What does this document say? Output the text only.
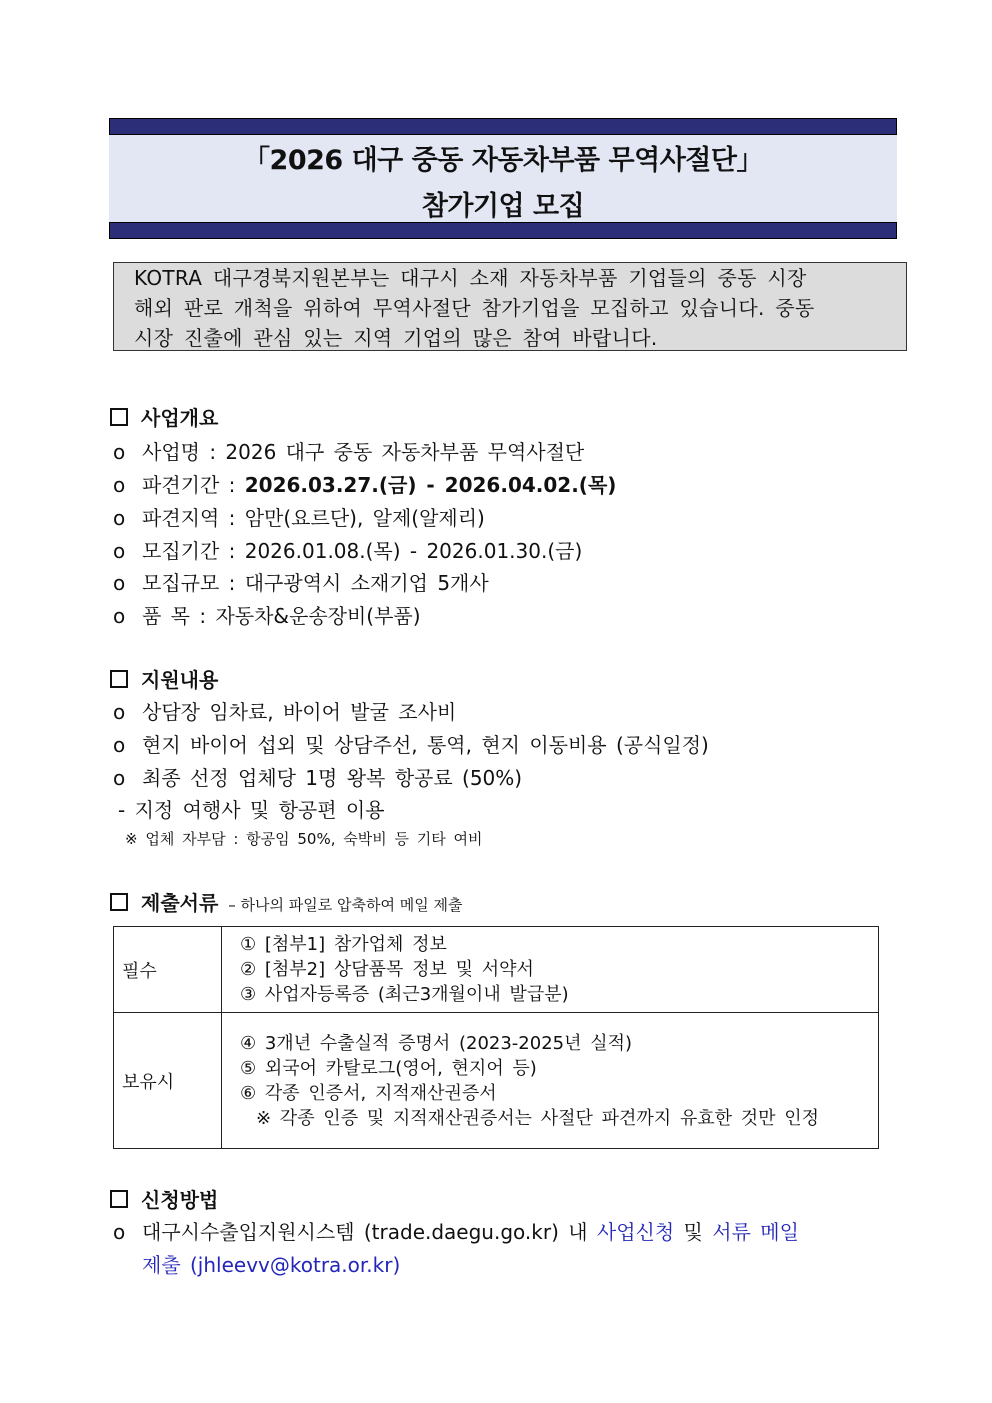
「2026 대구 중동 자동차부품 무역사절단」
참가기업 모집
KOTRA 대구경북지원본부는 대구시 소재 자동차부품 기업들의 중동 시장
해외 판로 개척을 위하여 무역사절단 참가기업을 모집하고 있습니다. 중동
시장 진출에 관심 있는 지역 기업의 많은 참여 바랍니다.
사업개요
o 사업명 : 2026 대구 중동 자동차부품 무역사절단
o 파견기간 : 2026.03.27.(금) - 2026.04.02.(목)
o 파견지역 : 암만(요르단), 알제(알제리)
o 모집기간 : 2026.01.08.(목) - 2026.01.30.(금)
o 모집규모 : 대구광역시 소재기업 5개사
o 품 목 : 자동차&운송장비(부품)
지원내용
o 상담장 임차료, 바이어 발굴 조사비
o 현지 바이어 섭외 및 상담주선, 통역, 현지 이동비용 (공식일정)
o 최종 선정 업체당 1명 왕복 항공료 (50%)
- 지정 여행사 및 항공편 이용
※ 업체 자부담 : 항공임 50%, 숙박비 등 기타 여비
제출서류 – 하나의 파일로 압축하여 메일 제출
필수	① [첨부1] 참가업체 정보
② [첨부2] 상담품목 정보 및 서약서
③ 사업자등록증 (최근3개월이내 발급분)

보유시	④ 3개년 수출실적 증명서 (2023-2025년 실적)
⑤ 외국어 카탈로그(영어, 현지어 등)
⑥ 각종 인증서, 지적재산권증서
※ 각종 인증 및 지적재산권증서는 사절단 파견까지 유효한 것만 인정
신청방법
o 대구시수출입지원시스템 (trade.daegu.go.kr) 내 사업신청 및 서류 메일
제출 (jhleevv@kotra.or.kr)
